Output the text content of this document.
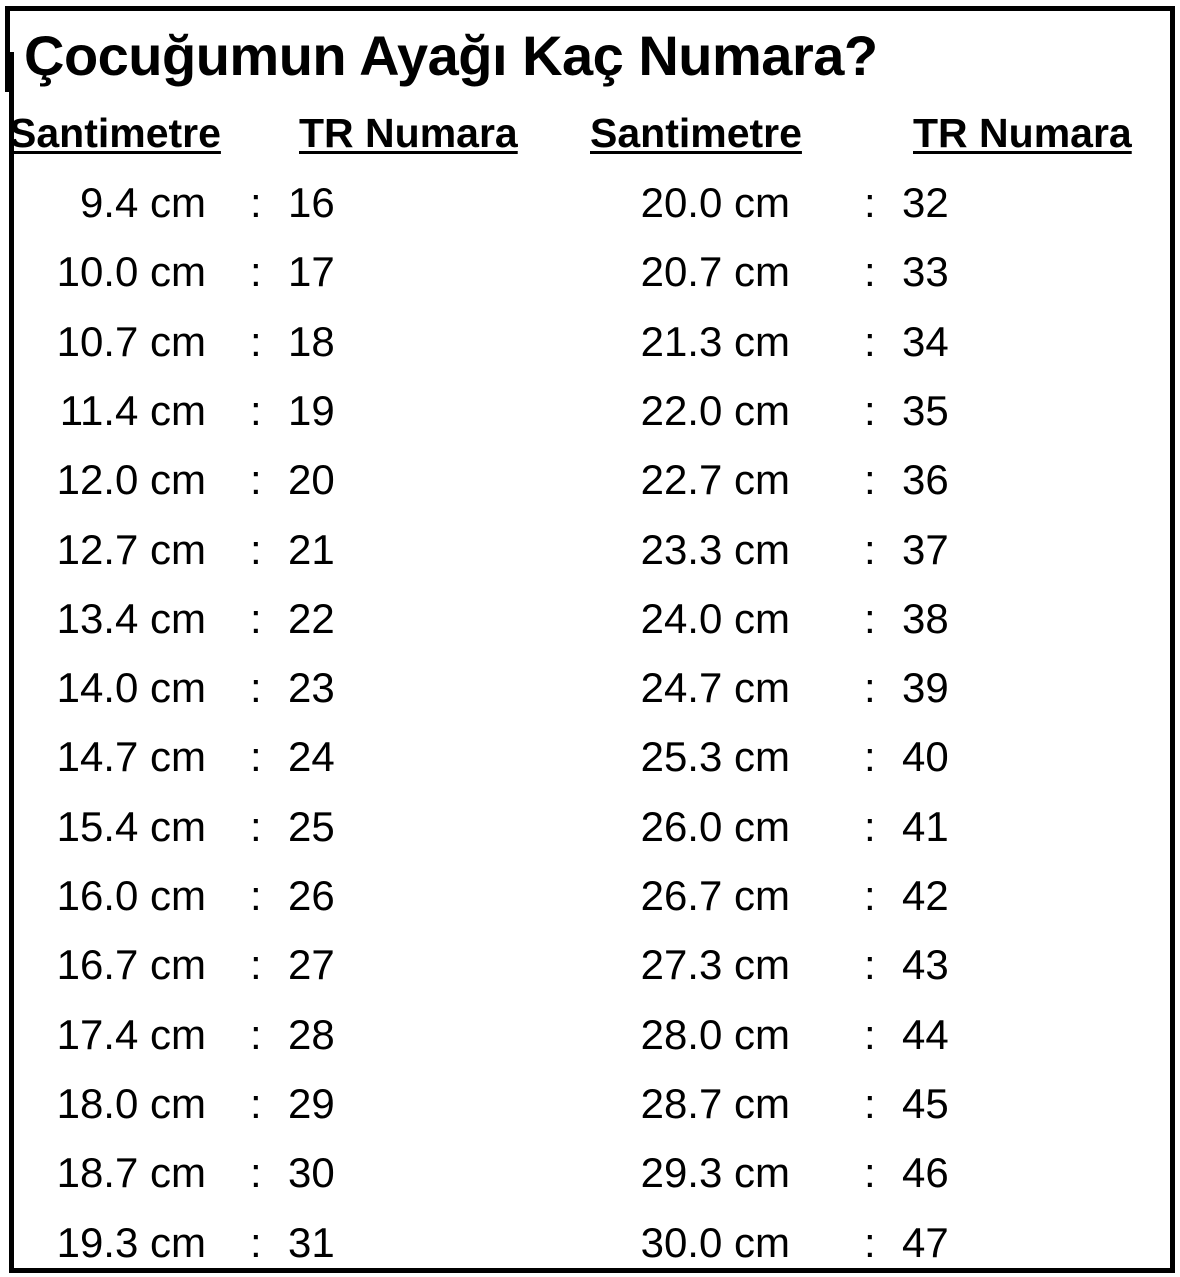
Çocuğumun Ayağı Kaç Numara?
Santimetre TR Numara Santimetre	TR Numara
9.4 cm : 16	20.0 cm : 32
10.0 cm : 17	20.7 cm : 33
10.7 cm : 18	21.3 cm : 34
11.4 cm : 19	22.0 cm : 35
12.0 cm : 20	22.7 cm : 36
12.7 cm : 21	23.3 cm : 37
13.4 cm : 22	24.0 cm : 38
14.0 cm : 23	24.7 cm : 39
14.7 cm : 24	25.3 cm : 40
15.4 cm : 25	26.0 cm : 41
16.0 cm : 26	26.7 cm : 42
16.7 cm : 27	27.3 cm : 43
17.4 cm : 28	28.0 cm : 44
18.0 cm : 29	28.7 cm : 45
18.7 cm : 30	29.3 cm : 46
19.3 cm : 31	30.0 cm : 47
